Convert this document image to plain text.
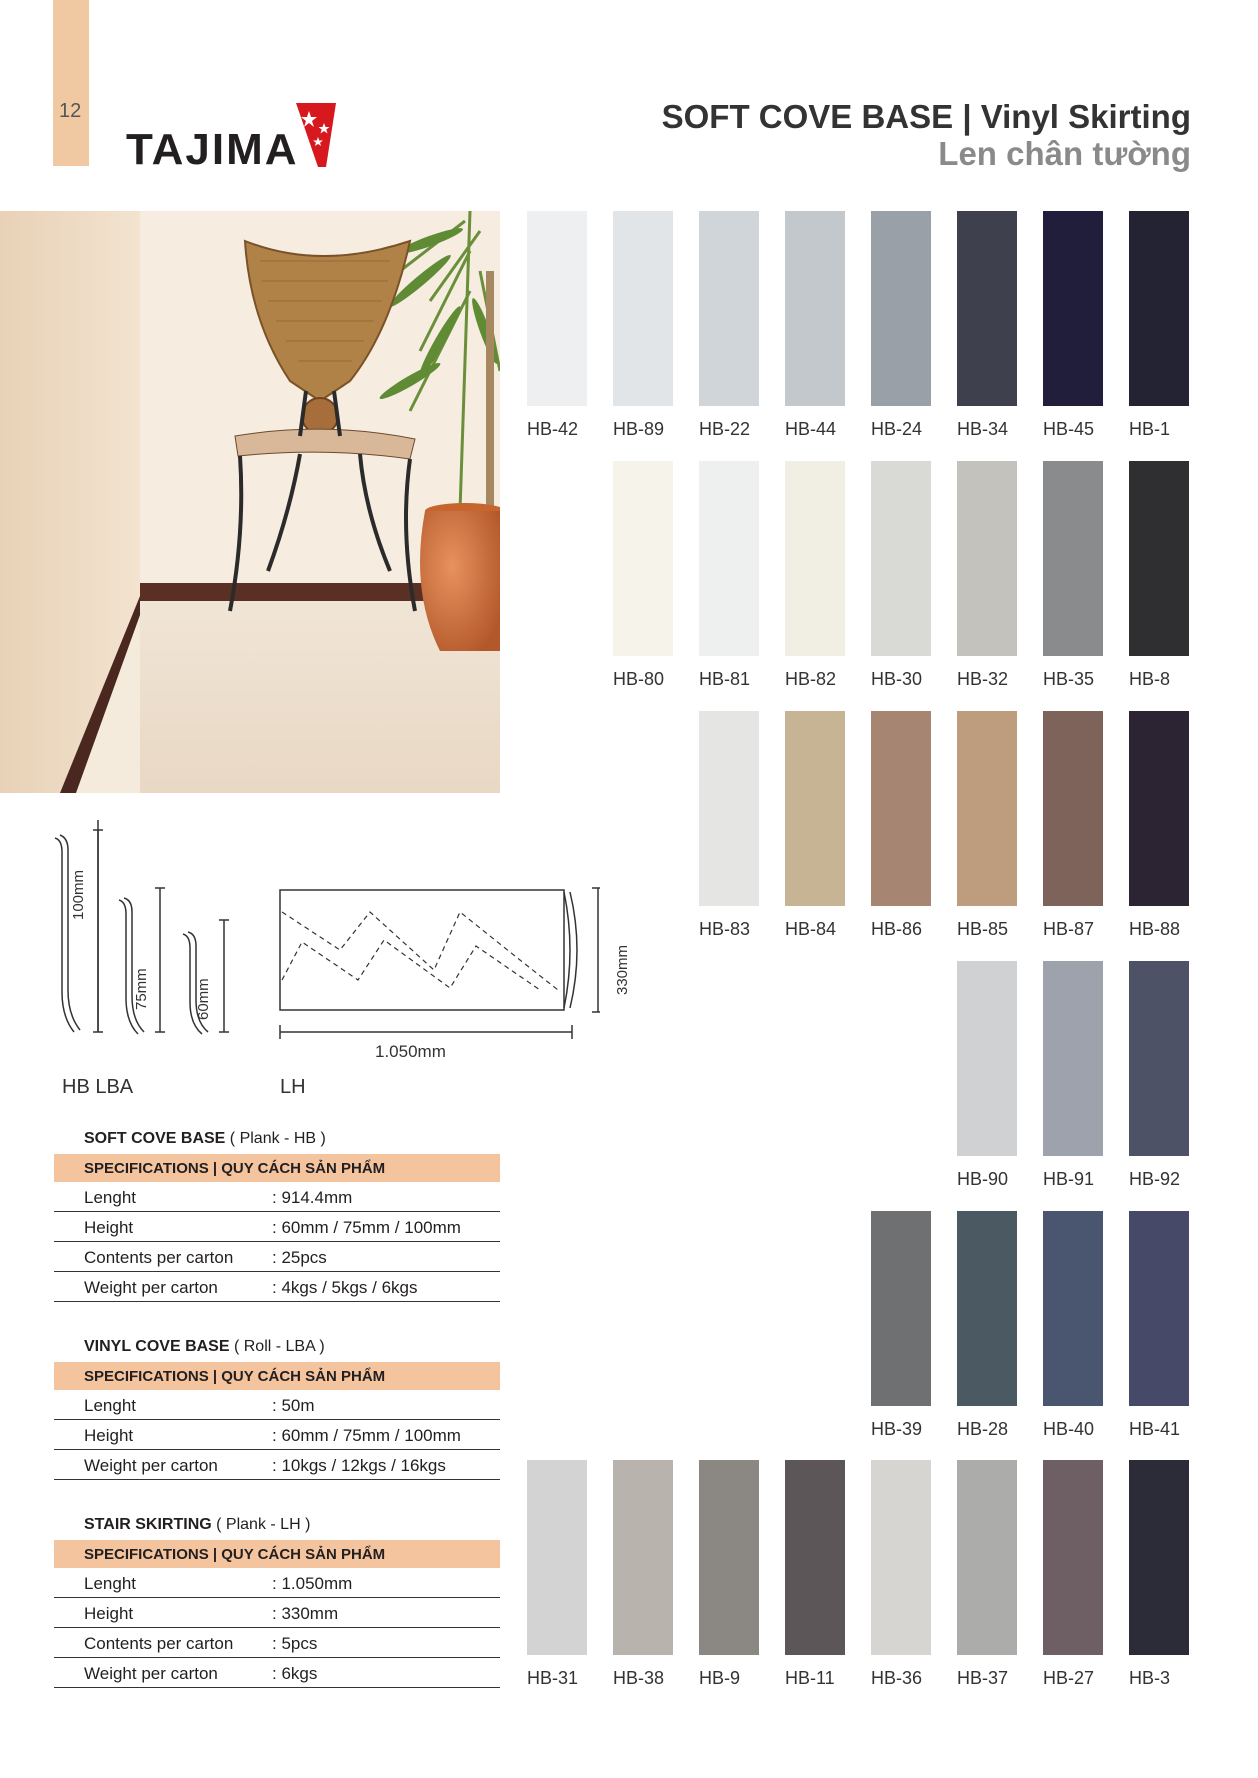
12
TAJIMA
SOFT COVE BASE | Vinyl Skirting
Len chân tường
HB-42 HB-89 HB-22 HB-44 HB-24 HB-34 HB-45 HB-1
HB-80 HB-81 HB-82 HB-30 HB-32 HB-35 HB-8
HB-83 HB-84 HB-86 HB-85 HB-87 HB-88
HB-90 HB-91 HB-92
HB-39 HB-28 HB-40 HB-41
HB-31 HB-38 HB-9 HB-11 HB-36 HB-37 HB-27 HB-3
100mm
75mm	60mm
330mm
1.050mm
HB LBA	LH
SOFT COVE BASE ( Plank - HB )
SPECIFICATIONS | QUY CÁCH SẢN PHẨM
Lenght	: 914.4mm
Height	: 60mm / 75mm / 100mm
Contents per carton : 25pcs
Weight per carton	: 4kgs / 5kgs / 6kgs
VINYL COVE BASE ( Roll - LBA )
SPECIFICATIONS | QUY CÁCH SẢN PHẨM
Lenght	: 50m
Height	: 60mm / 75mm / 100mm
Weight per carton	: 10kgs / 12kgs / 16kgs
STAIR SKIRTING ( Plank - LH )
SPECIFICATIONS | QUY CÁCH SẢN PHẨM
Lenght	: 1.050mm
Height	: 330mm
Contents per carton : 5pcs
Weight per carton	: 6kgs
